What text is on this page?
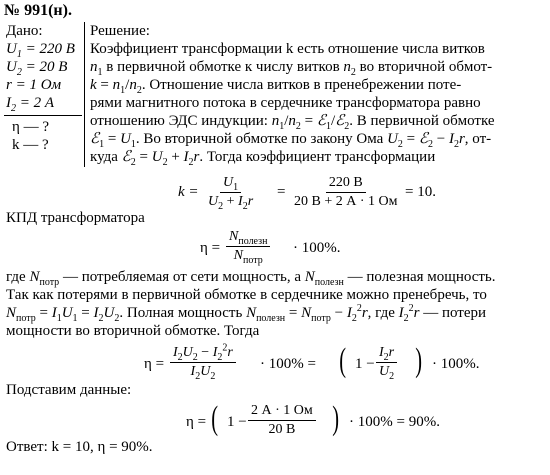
№ 991(н).
Дано:
$U_1 = 220$ В
$U_2 = 20$ В
r = 1 Ом
$I_2 = 2$ А
η — ?
k — ?
Решение:
Коэффициент трансформации k есть отношение числа витков
$n_1$ в первичной обмотке к числу витков $n_2$ во вторичной обмот-
$k = n_1/n_2$. Отношение числа витков в пренебрежении поте-
рями магнитного потока в сердечнике трансформатора равно
отношению ЭДС индукции: $n_1/n_2$ = ℰ$_1$/ℰ$_2$. В первичной обмотке
ℰ$_1$ = $U_1$. Во вторичной обмотке по закону Ома $U_2$ = ℰ$_2$ − $I_2r$, от-
куда ℰ$_2$ = $U_2 + I_2r$. Тогда коэффициент трансформации
$k = \frac{U_1}{U_2 + I_2r}$ =
220 В
20 В + 2 А · 1 Ом
= 10.
КПД трансформатора
η =
$N_{полезн}$
$N_{потр}$
· 100%.
где $N_{потр}$ — потребляемая от сети мощность, а $N_{полезн}$ — полезная мощность.
Так как потерями в первичной обмотке в сердечнике можно пренебречь, то
$N_{потр} = I_1U_1 = I_2U_2$. Полная мощность $N_{полезн} = N_{потр} - I_2^2r$, где $I_2^2r$ — потери
мощности во вторичной обмотке. Тогда
$\eta = \frac{I_2U_2 - I_2^2r}{I_2U_2} \cdot 100\%$ = ( $1 - \frac{I_2r}{U_2}$ ) · 100%.
Подставим данные:
η = ( 1 −
2 А · 1 Ом
20 В ) · 100% = 90%.
Ответ: k = 10, η = 90%.
